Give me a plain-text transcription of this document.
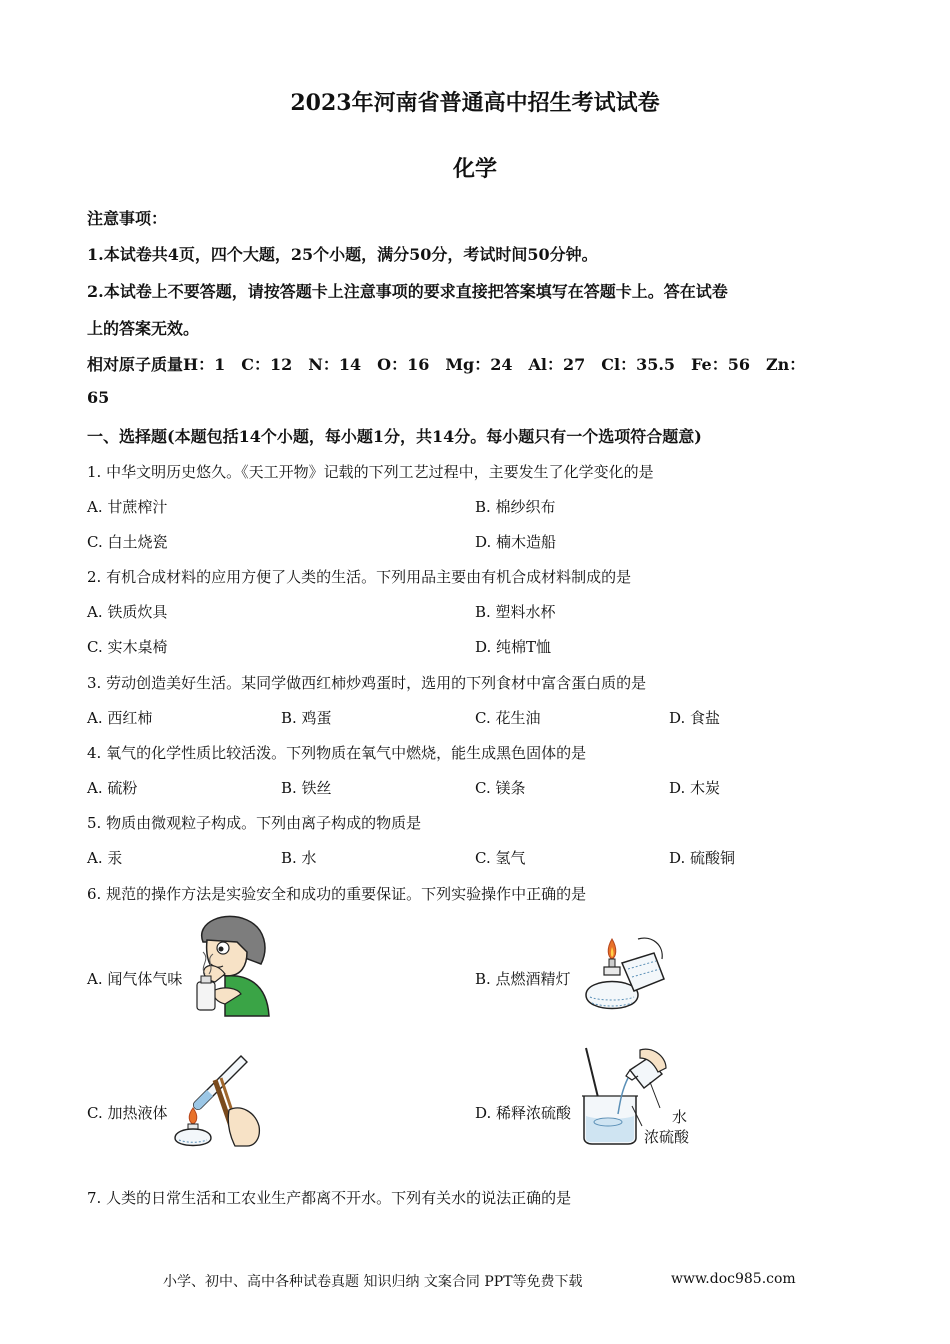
2023年河南省普通高中招生考试试卷
化学
注意事项：
1.本试卷共4页，四个大题，25个小题，满分50分，考试时间50分钟。
2.本试卷上不要答题，请按答题卡上注意事项的要求直接把答案填写在答题卡上。答在试卷
上的答案无效。
相对原子质量H：1　C：12　N：14　O：16　Mg：24　Al：27　Cl：35.5　Fe：56　Zn：
65
一、选择题(本题包括14个小题，每小题1分，共14分。每小题只有一个选项符合题意)
1. 中华文明历史悠久。《天工开物》记载的下列工艺过程中，主要发生了化学变化的是
A. 甘蔗榨汁	B. 棉纱织布
C. 白土烧瓷	D. 楠木造船
2. 有机合成材料的应用方便了人类的生活。下列用品主要由有机合成材料制成的是
A. 铁质炊具	B. 塑料水杯
C. 实木桌椅	D. 纯棉T恤
3. 劳动创造美好生活。某同学做西红柿炒鸡蛋时，选用的下列食材中富含蛋白质的是
A. 西红柿	B. 鸡蛋	C. 花生油	D. 食盐
4. 氧气的化学性质比较活泼。下列物质在氧气中燃烧，能生成黑色固体的是
A. 硫粉	B. 铁丝	C. 镁条	D. 木炭
5. 物质由微观粒子构成。下列由离子构成的物质是
A. 汞	B. 水	C. 氢气	D. 硫酸铜
6. 规范的操作方法是实验安全和成功的重要保证。下列实验操作中正确的是
A. 闻气体气味	B. 点燃酒精灯
C. 加热液体	D. 稀释浓硫酸	水
浓硫酸
7. 人类的日常生活和工农业生产都离不开水。下列有关水的说法正确的是
小学、初中、高中各种试卷真题 知识归纳 文案合同 PPT等免费下载	www.doc985.com
